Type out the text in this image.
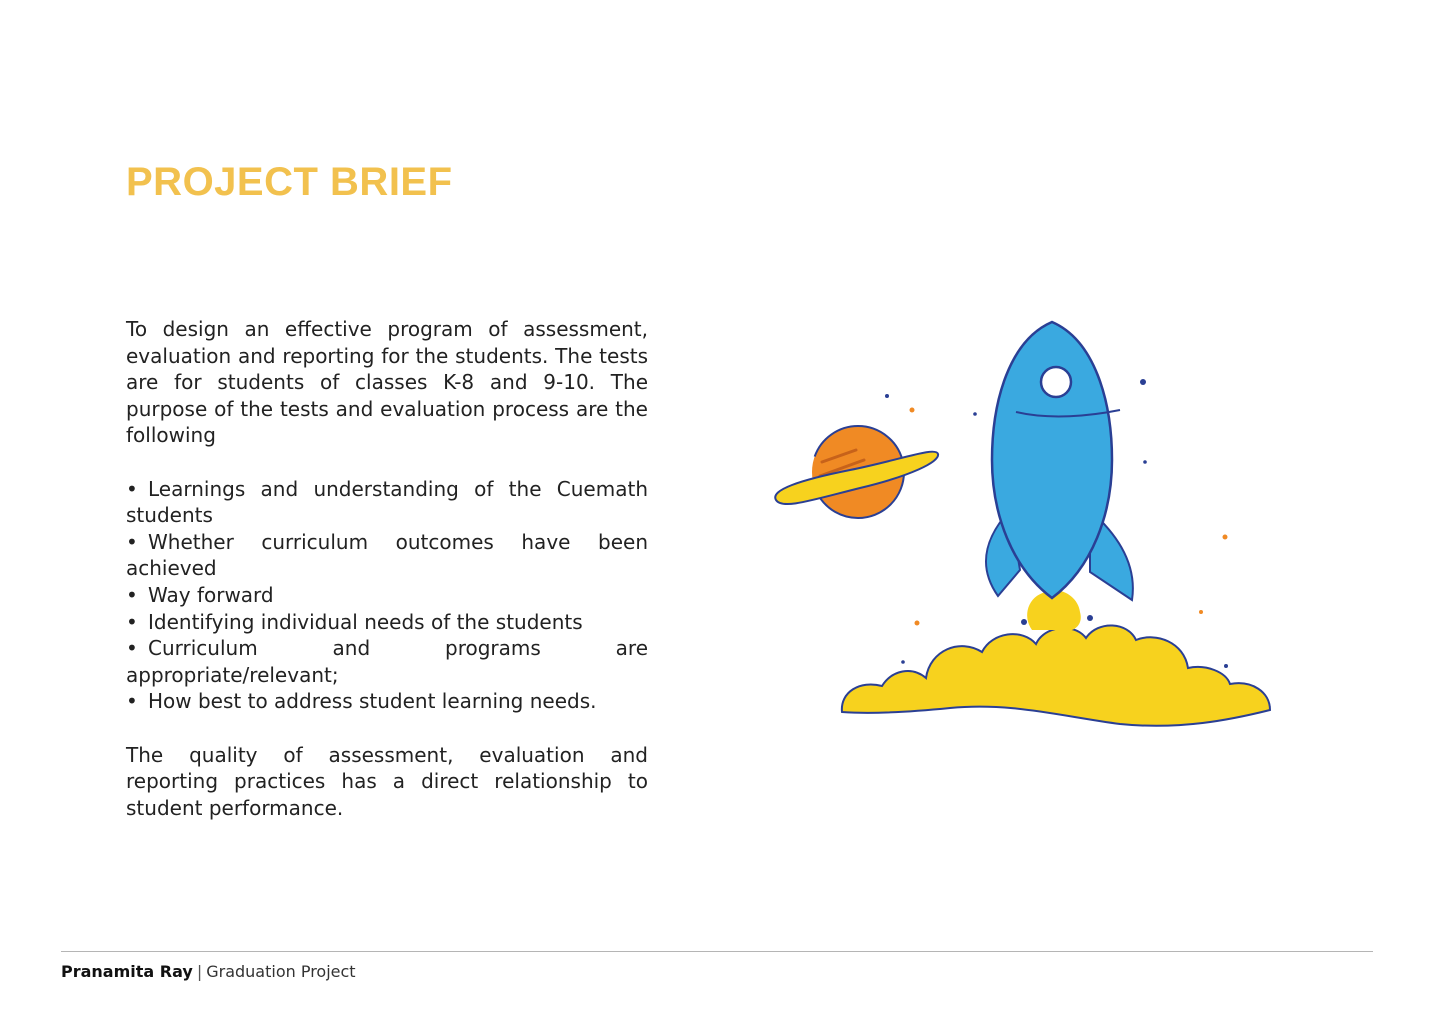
PROJECT BRIEF

To design an effective program of assessment, evaluation and reporting for the students. The tests are for students of classes K-8 and 9-10. The purpose of the tests and evaluation process are the following

• Learnings and understanding of the Cuemath students
• Whether curriculum outcomes have been achieved
• Way forward
• Identifying individual needs of the students
• Curriculum and programs are appropriate/relevant;
• How best to address student learning needs.

The quality of assessment, evaluation and reporting practices has a direct relationship to student performance.

Pranamita Ray | Graduation Project
